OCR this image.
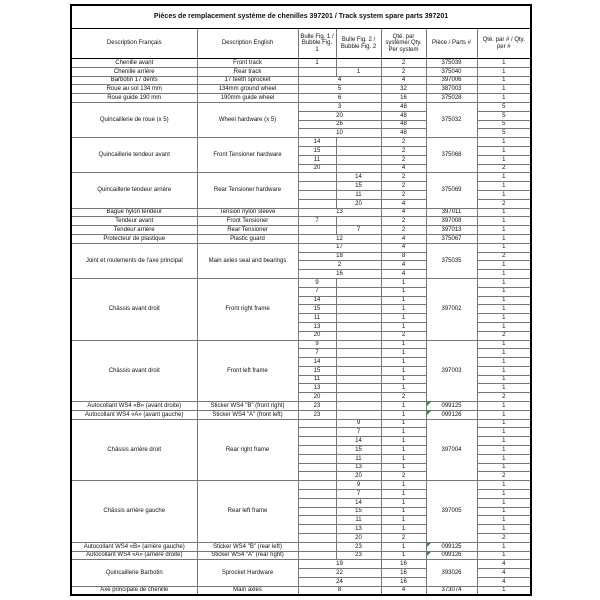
Pièces de remplacement système de chenilles 397201 / Track system spare parts 397201						
Description Français	Description English	Bulle Fig. 1 / Bubble Fig. 1	Bulle Fig. 2 / Bubble Fig. 2	Qté. par système/ Qty. Per system	Pièce / Parts #	Qté. par # / Qty. per #
Chenille avant	Front track	1		2	375039	1
Chenille arrière	Rear track		1	2	375040	1
Barbotin 17 dents	17 teeth sprocket	4		4	397006	1
Roue au sol 134 mm	134mm ground wheel	5		32	387003	1
Roue guide 190 mm	190mm guide wheel	6		16	375028	1
Quincaillerie de roue (x 5)	Wheel hardware (x 5)	3		48	375032	5
		20		48		5
		26		48		5
		10		48		5
Quincaillerie tendeur avant	Front Tensioner hardware	14		2	375068	1
		15		2		1
		11		2		1
		20		4		2
Quincaillerie tendeur arrière	Rear Tensioner hardware		14	2	375069	1
			15	2		1
			11	2		1
			20	4		2
Bague nylon tendeur	Tension nylon sleeve	13		4	397011	1
Tendeur avant	Front Tensioner	7		2	397008	1
Tendeur arrière	Rear Tensioner		7	2	397013	1
Protecteur de plastique	Plastic guard	12		4	375067	1
Joint et roulements de l'axe principal	Main axles seal and bearings	17		4	375035	1
		18		8		2
		2		4		1
		16		4		1
Châssis avant droit	Front right frame	9		1	397002	1
		7		1		1
		14		1		1
		15		1		1
		11		1		1
		13		1		1
		20		2		2
Châssis avant droit	Front left frame	9		1	397003	1
		7		1		1
		14		1		1
		15		1		1
		11		1		1
		13		1		1
		20		2		2
Autocollant WS4 «B» (avant droite)	Sticker WS4 "B" (front right)	23		1	099125	1
Autocollant WS4 «A» (avant gauche)	Sticker WS4 "A" (front left)	23		1	099126	1
Châssis arrière droit	Rear right frame		9	1	397004	1
			7	1		1
			14	1		1
			15	1		1
			11	1		1
			13	1		1
			20	2		2
Châssis arrière gauche	Rear left frame		9	1	397005	1
			7	1		1
			14	1		1
			15	1		1
			11	1		1
			13	1		1
			20	2		2
Autocollant WS4 «B» (arrière gauche)	Sticker WS4 "B" (rear left)		23	1	099125	1
Autocollant WS4 «A» (arrière droite)	Sticker WS4 "A" (rear right)		23	1	099126	1
Quincaillerie Barbotin	Sprocket Hardware	19		16	393026	4
		22		16		4
		24		16		4
Axe principale de chenille	Main axles	8		4	373074	1
